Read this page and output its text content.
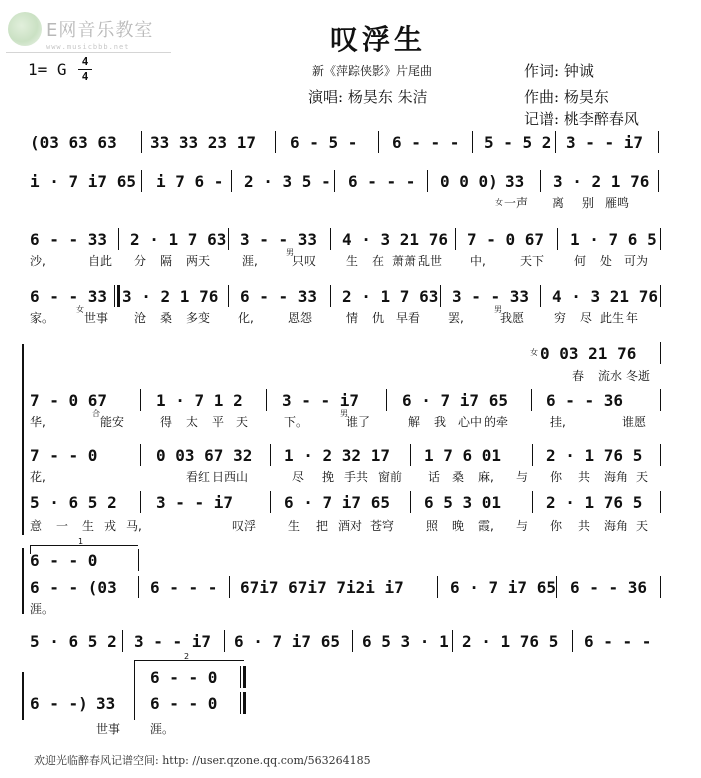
E网音乐教室
www.musicbbb.net	叹浮生
1= G	4
4	新《萍踪侠影》片尾曲
演唱: 杨昊东 朱洁
作词: 钟诚
作曲: 杨昊东
记谱: 桃李醉春风
(03 63 63 33 33 23 17 6 - 5 - 6 - - - 5 - 5 2 3 - - i7
i · 7 i7 65 i 7 6 - 2 · 3 5 - 6 - - - 0 0 0) 33 3 · 2 1 76
女 一声 离 别 雁鸣
6 - - 33 2 · 1 7 63 3 - - 33 4 · 3 21 76 7 - 0 67 1 · 7 6 5
沙,	自此 分 隔 两天	涯,
男
只叹 生 在 萧萧 乱世 中,	天下 何 处 可为
6 - - 33 3 · 2 1 76 6 - - 33 2 · 1 7 63 3 - - 33 4 · 3 21 76
家。
女
世事 沧 桑 多变 化,	恩怨	情 仇 早看 罢,
男
我愿 穷 尽 此生 年
女 0 03 21 76
春 流水 冬逝
7 - 0 67	1 · 7 1 2 3 - - i7	6 · 7 i7 65 6 - - 36
华,
合
能安	得 太 平 天	下。
男
谁了	解 我 心中 的牵	挂,	谁愿
7 - - 0	0 03 67 32 1 · 2 32 17 1 7 6 01	2 · 1 76 5
花,	看红 日西山	尽 挽 手共 窗前 话 桑 麻, 与 你 共 海角 天
5 · 6 5 2 3 - - i7	6 · 7 i7 65 6 5 3 01	2 · 1 76 5
意 一 生 戎 马,	叹浮	生 把 酒对 苍穹	照 晚 霞, 与 你 共 海角 天
1
6 - - 0
6 - - (03 6 - - - 67i7 67i7 7i2i i7	6 · 7 i7 65 6 - - 36
涯。
5 · 6 5 2 3 - - i7 6 · 7 i7 65 6 5 3 · 1 2 · 1 76 5 6 - - -
2
6 - - 0
6 - -) 33 6 - - 0
世事 涯。
欢迎光临醉春风记谱空间: http: //user.qzone.qq.com/563264185
